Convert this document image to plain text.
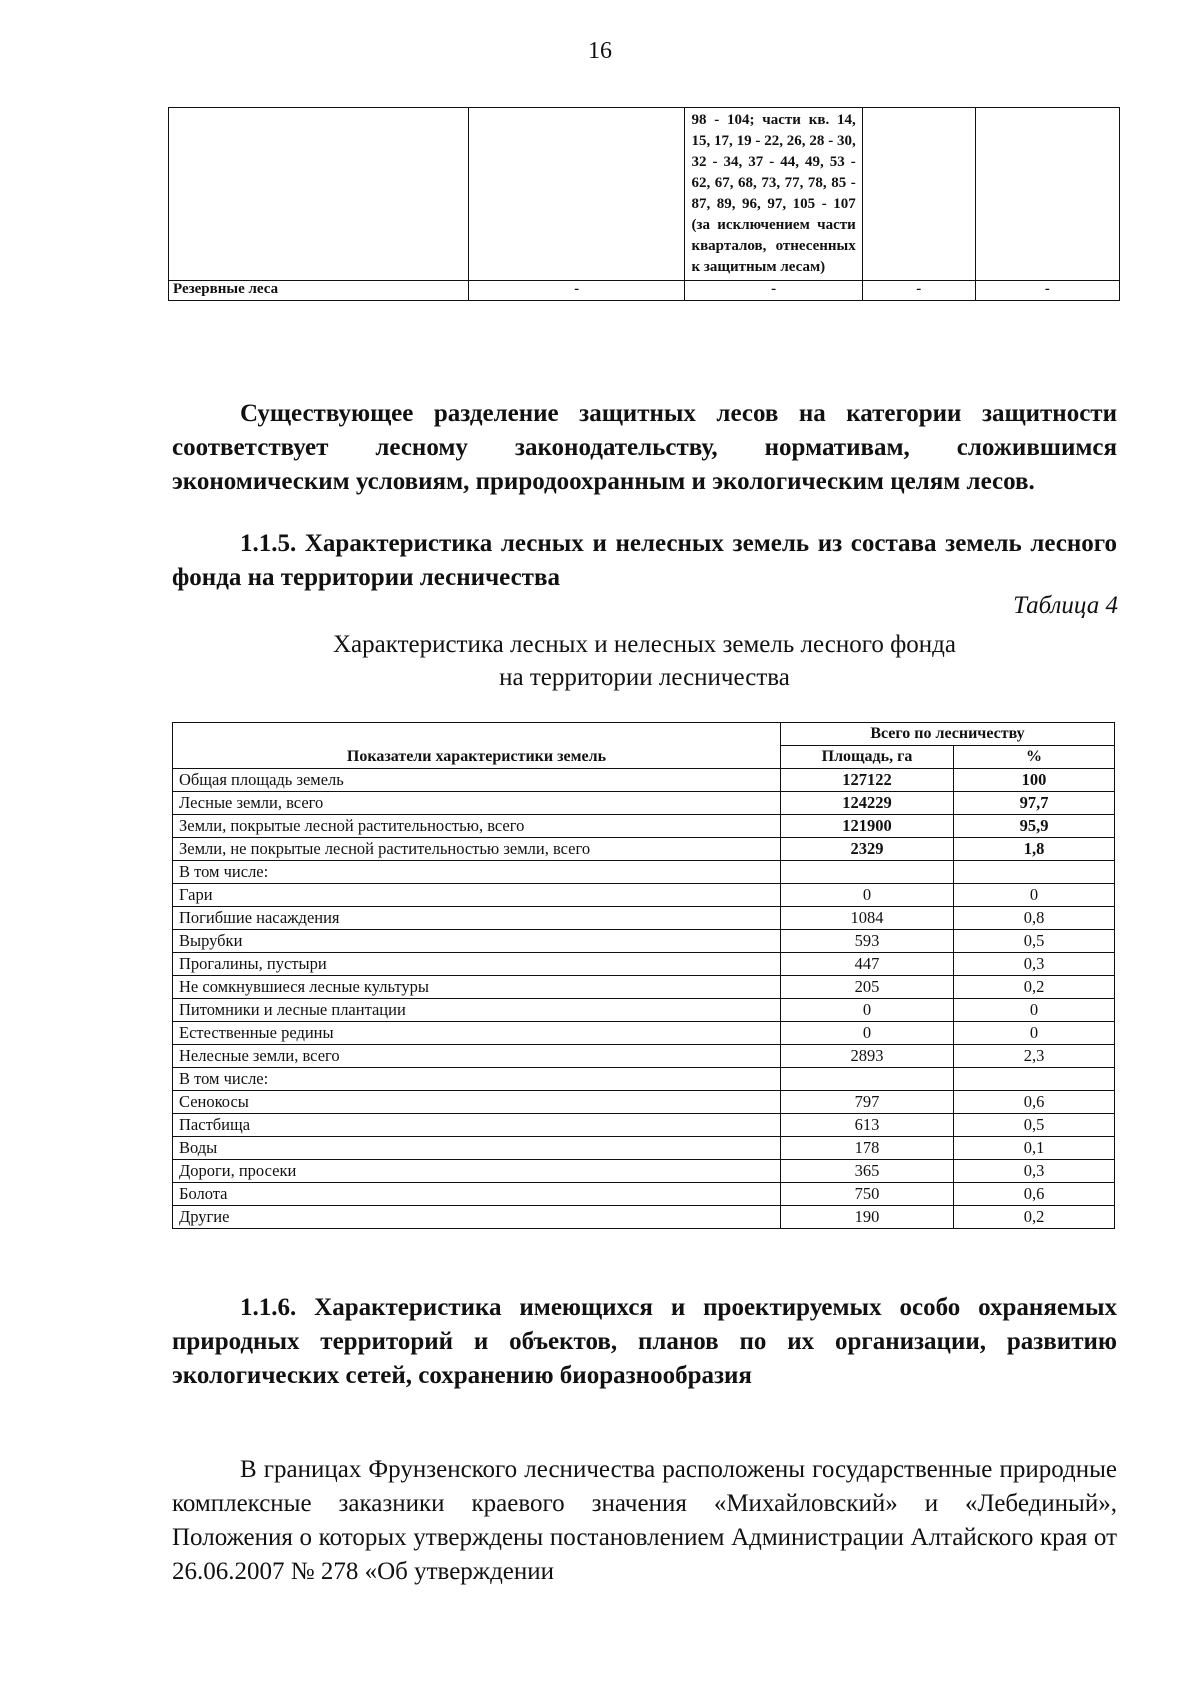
16
		98 - 104; части кв. 14, 15, 17, 19 - 22, 26, 28 - 30, 32 - 34, 37 - 44, 49, 53 - 62, 67, 68, 73, 77, 78, 85 - 87, 89, 96, 97, 105 - 107 (за исключением части кварталов, отнесенных к защитным лесам)		
Резервные леса	-	-	-	-
Существующее разделение защитных лесов на категории защитности соответствует лесному законодательству, нормативам, сложившимся экономическим условиям, природоохранным и экологическим целям лесов.
1.1.5. Характеристика лесных и нелесных земель из состава земель лесного фонда на территории лесничества
Таблица 4
Характеристика лесных и нелесных земель лесного фонда
на территории лесничества
Показатели характеристики земель	Всего по лесничеству	
	Площадь, га	%
Общая площадь земель	127122	100
Лесные земли, всего	124229	97,7
Земли, покрытые лесной растительностью, всего	121900	95,9
Земли, не покрытые лесной растительностью земли, всего	2329	1,8
В том числе:		
Гари	0	0
Погибшие насаждения	1084	0,8
Вырубки	593	0,5
Прогалины, пустыри	447	0,3
Не сомкнувшиеся лесные культуры	205	0,2
Питомники и лесные плантации	0	0
Естественные редины	0	0
Нелесные земли, всего	2893	2,3
В том числе:		
Сенокосы	797	0,6
Пастбища	613	0,5
Воды	178	0,1
Дороги, просеки	365	0,3
Болота	750	0,6
Другие	190	0,2
1.1.6. Характеристика имеющихся и проектируемых особо охраняемых природных территорий и объектов, планов по их организации, развитию экологических сетей, сохранению биоразнообразия
В границах Фрунзенского лесничества расположены государственные природные комплексные заказники краевого значения «Михайловский» и «Лебединый», Положения о которых утверждены постановлением Администрации Алтайского края от 26.06.2007 № 278 «Об утверждении
